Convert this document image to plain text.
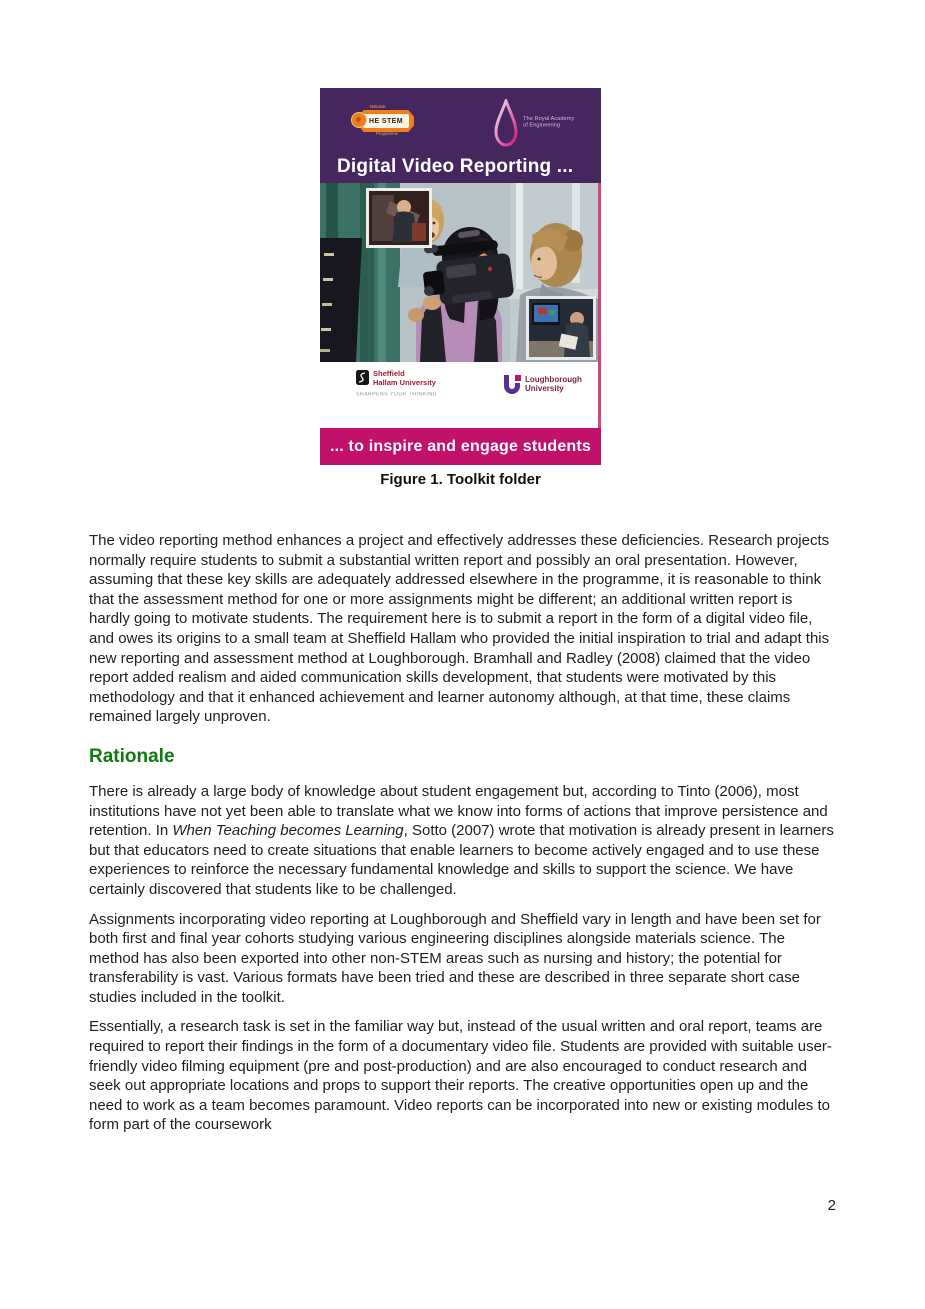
National
HE STEM
Programme
The Royal Academy
of Engineering
Digital Video Reporting ...
Sheffield
Hallam University
SHARPENS YOUR THINKING
Loughborough
University
... to inspire and engage students
Figure 1. Toolkit folder

The video reporting method enhances a project and effectively addresses these deficiencies. Research projects normally require students to submit a substantial written report and possibly an oral presentation. However, assuming that these key skills are adequately addressed elsewhere in the programme, it is reasonable to think that the assessment method for one or more assignments might be different; an additional written report is hardly going to motivate students. The requirement here is to submit a report in the form of a digital video file, and owes its origins to a small team at Sheffield Hallam who provided the initial inspiration to trial and adapt this new reporting and assessment method at Loughborough. Bramhall and Radley (2008) claimed that the video report added realism and aided communication skills development, that students were motivated by this methodology and that it enhanced achievement and learner autonomy although, at that time, these claims remained largely unproven.

Rationale

There is already a large body of knowledge about student engagement but, according to Tinto (2006), most institutions have not yet been able to translate what we know into forms of actions that improve persistence and retention. In When Teaching becomes Learning, Sotto (2007) wrote that motivation is already present in learners but that educators need to create situations that enable learners to become actively engaged and to use these experiences to reinforce the necessary fundamental knowledge and skills to support the science. We have certainly discovered that students like to be challenged.

Assignments incorporating video reporting at Loughborough and Sheffield vary in length and have been set for both first and final year cohorts studying various engineering disciplines alongside materials science. The method has also been exported into other non-STEM areas such as nursing and history; the potential for transferability is vast. Various formats have been tried and these are described in three separate short case studies included in the toolkit.

Essentially, a research task is set in the familiar way but, instead of the usual written and oral report, teams are required to report their findings in the form of a documentary video file. Students are provided with suitable user-friendly video filming equipment (pre and post-production) and are also encouraged to conduct research and seek out appropriate locations and props to support their reports. The creative opportunities open up and the need to work as a team becomes paramount. Video reports can be incorporated into new or existing modules to form part of the coursework

2
